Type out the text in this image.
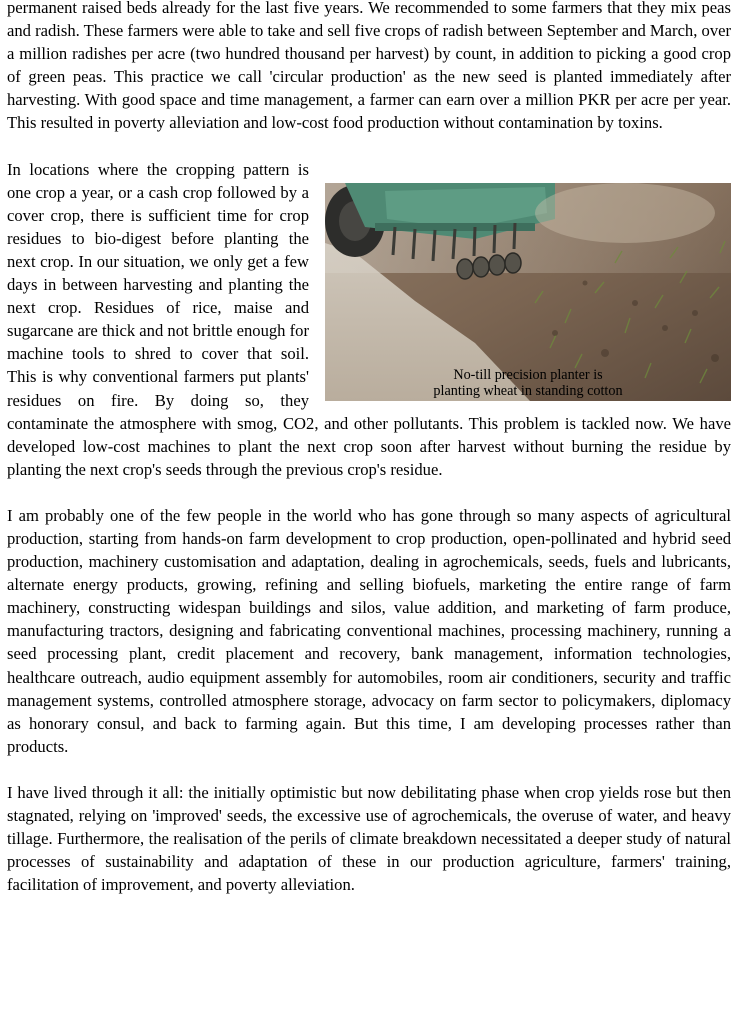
permanent raised beds already for the last five years. We recommended to some farmers that they mix peas and radish. These farmers were able to take and sell five crops of radish between September and March, over a million radishes per acre (two hundred thousand per harvest) by count, in addition to picking a good crop of green peas. This practice we call 'circular production' as the new seed is planted immediately after harvesting. With good space and time management, a farmer can earn over a million PKR per acre per year. This resulted in poverty alleviation and low-cost food production without contamination by toxins.

No-till precision planter is
planting wheat in standing cotton

In locations where the cropping pattern is one crop a year, or a cash crop followed by a cover crop, there is sufficient time for crop residues to bio-digest before planting the next crop. In our situation, we only get a few days in between harvesting and planting the next crop. Residues of rice, maise and sugarcane are thick and not brittle enough for machine tools to shred to cover that soil. This is why conventional farmers put plants' residues on fire. By doing so, they contaminate the atmosphere with smog, CO2, and other pollutants. This problem is tackled now. We have developed low-cost machines to plant the next crop soon after harvest without burning the residue by planting the next crop's seeds through the previous crop's residue.

I am probably one of the few people in the world who has gone through so many aspects of agricultural production, starting from hands-on farm development to crop production, open-pollinated and hybrid seed production, machinery customisation and adaptation, dealing in agrochemicals, seeds, fuels and lubricants, alternate energy products, growing, refining and selling biofuels, marketing the entire range of farm machinery, constructing widespan buildings and silos, value addition, and marketing of farm produce, manufacturing tractors, designing and fabricating conventional machines, processing machinery, running a seed processing plant, credit placement and recovery, bank management, information technologies, healthcare outreach, audio equipment assembly for automobiles, room air conditioners, security and traffic management systems, controlled atmosphere storage, advocacy on farm sector to policymakers, diplomacy as honorary consul, and back to farming again. But this time, I am developing processes rather than products.

I have lived through it all: the initially optimistic but now debilitating phase when crop yields rose but then stagnated, relying on 'improved' seeds, the excessive use of agrochemicals, the overuse of water, and heavy tillage. Furthermore, the realisation of the perils of climate breakdown necessitated a deeper study of natural processes of sustainability and adaptation of these in our production agriculture, farmers' training, facilitation of improvement, and poverty alleviation.
